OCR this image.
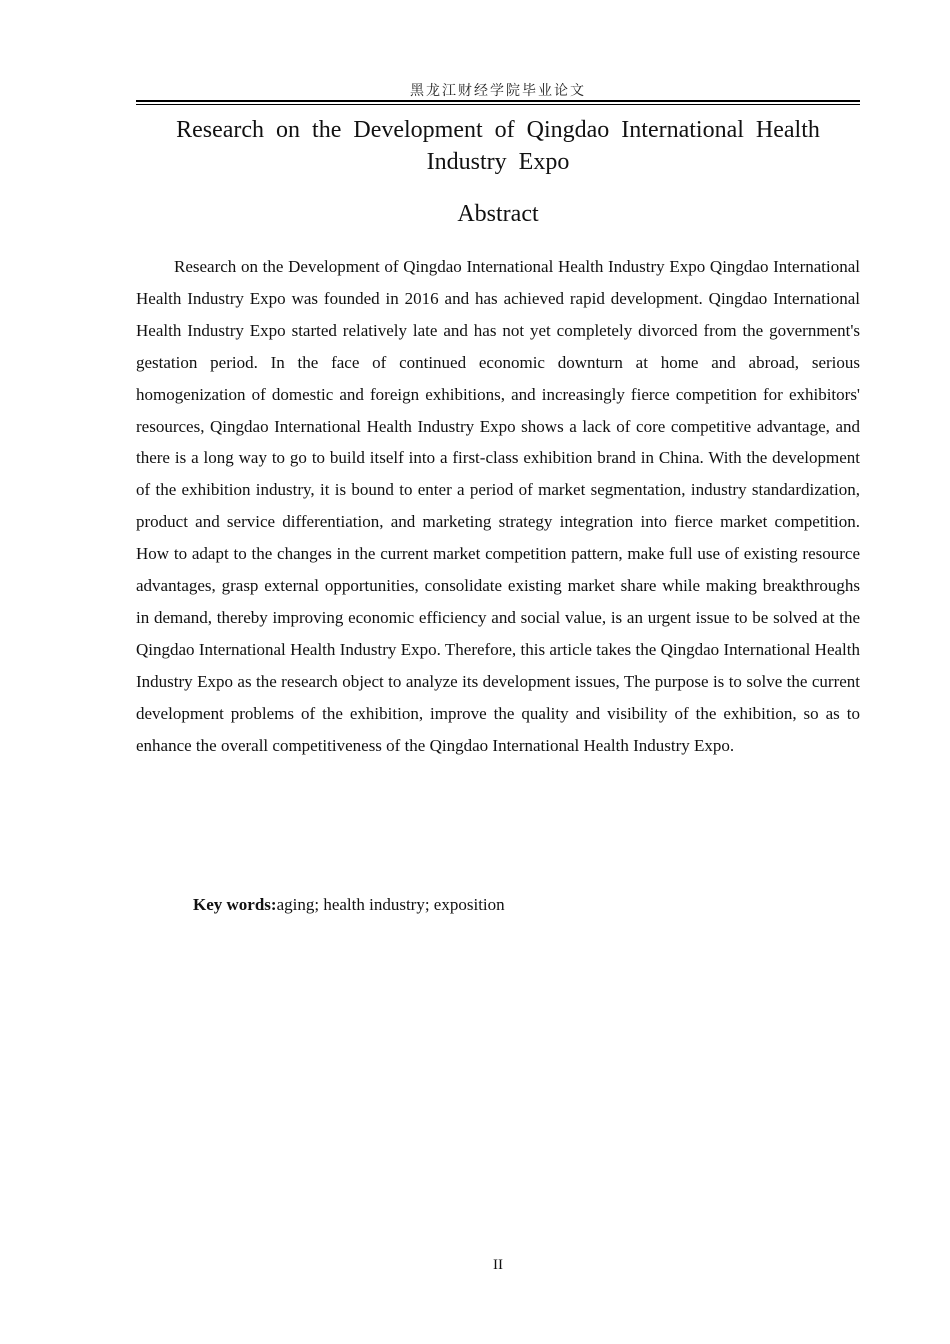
黑龙江财经学院毕业论文
Research on the Development of Qingdao International Health Industry Expo
Abstract

Research on the Development of Qingdao International Health Industry Expo Qingdao International Health Industry Expo was founded in 2016 and has achieved rapid development. Qingdao International Health Industry Expo started relatively late and has not yet completely divorced from the government's gestation period. In the face of continued economic downturn at home and abroad, serious homogenization of domestic and foreign exhibitions, and increasingly fierce competition for exhibitors' resources, Qingdao International Health Industry Expo shows a lack of core competitive advantage, and there is a long way to go to build itself into a first-class exhibition brand in China. With the development of the exhibition industry, it is bound to enter a period of market segmentation, industry standardization, product and service differentiation, and marketing strategy integration into fierce market competition. How to adapt to the changes in the current market competition pattern, make full use of existing resource advantages, grasp external opportunities, consolidate existing market share while making breakthroughs in demand, thereby improving economic efficiency and social value, is an urgent issue to be solved at the Qingdao International Health Industry Expo. Therefore, this article takes the Qingdao International Health Industry Expo as the research object to analyze its development issues, The purpose is to solve the current development problems of the exhibition, improve the quality and visibility of the exhibition, so as to enhance the overall competitiveness of the Qingdao International Health Industry Expo.

Key words:aging; health industry; exposition

II
